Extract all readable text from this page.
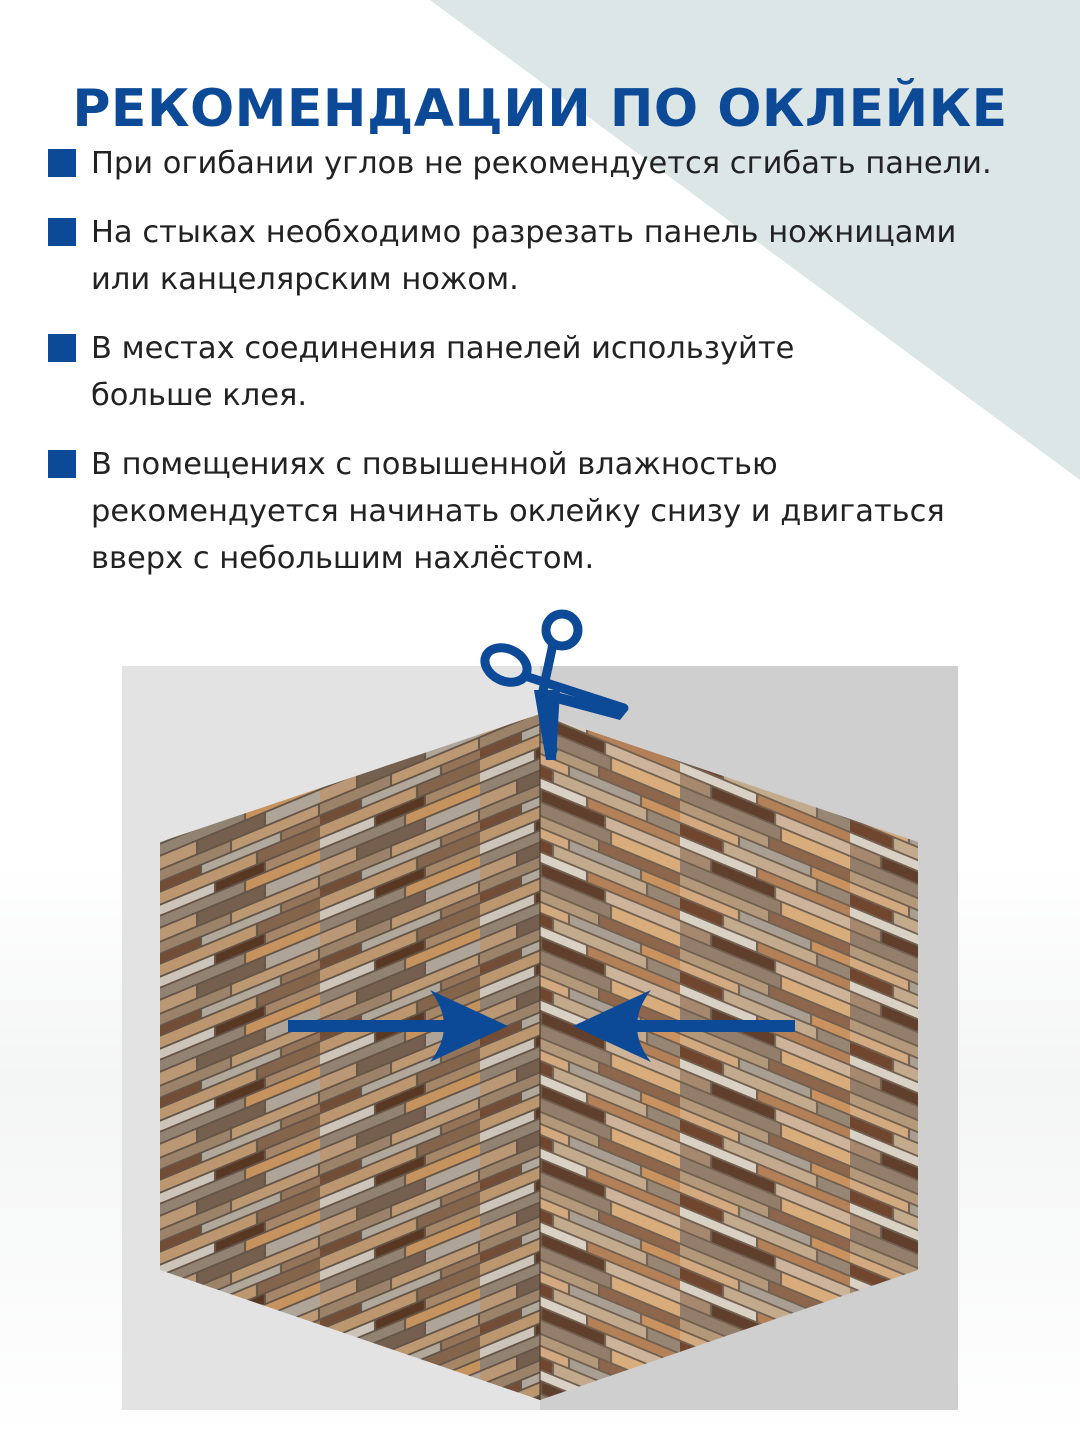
РЕКОМЕНДАЦИИ ПО ОКЛЕЙКЕ
При огибании углов не рекомендуется сгибать панели.
На стыках необходимо разрезать панель ножницами
или канцелярским ножом.
В местах соединения панелей используйте
больше клея.
В помещениях с повышенной влажностью
рекомендуется начинать оклейку снизу и двигаться
вверх с небольшим нахлёстом.
